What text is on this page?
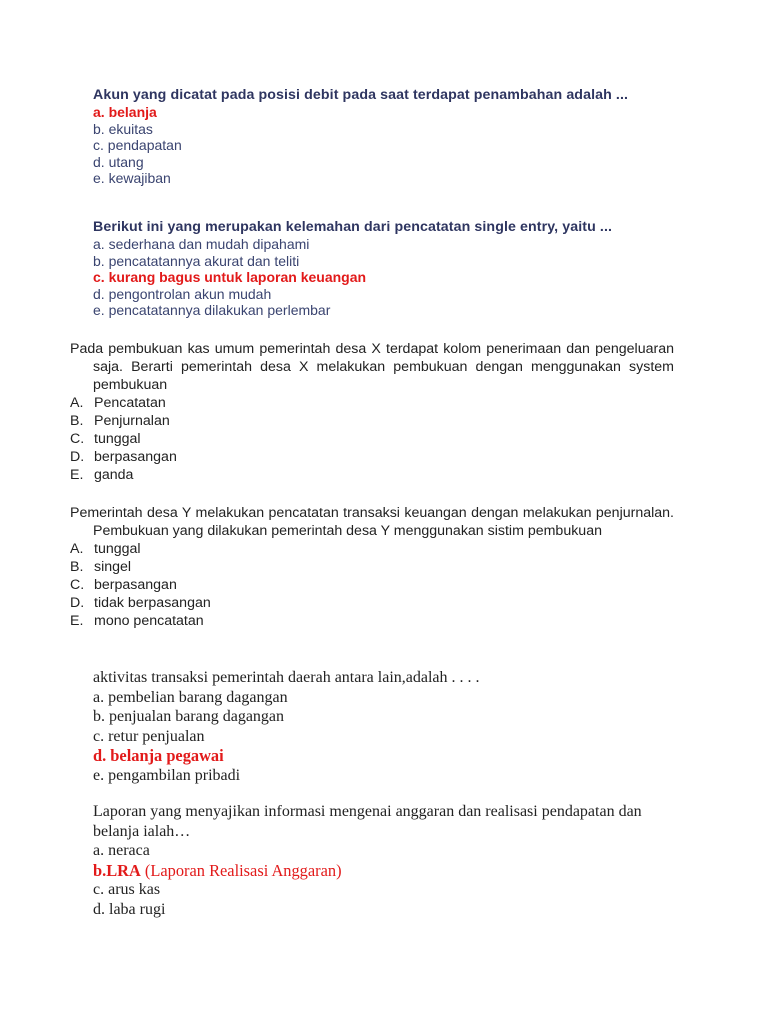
Akun yang dicatat pada posisi debit pada saat terdapat penambahan adalah ...

a. belanja

b. ekuitas

c. pendapatan

d. utang

e. kewajiban

Berikut ini yang merupakan kelemahan dari pencatatan single entry, yaitu ...

a. sederhana dan mudah dipahami

b. pencatatannya akurat dan teliti

c. kurang bagus untuk laporan keuangan

d. pengontrolan akun mudah

e. pencatatannya dilakukan perlembar

Pada pembukuan kas umum pemerintah desa X terdapat kolom penerimaan dan pengeluaran saja. Berarti pemerintah desa X melakukan pembukuan dengan menggunakan system pembukuan

A. Pencatatan

B. Penjurnalan

C. tunggal

D. berpasangan

E. ganda

Pemerintah desa Y melakukan pencatatan transaksi keuangan dengan melakukan penjurnalan. Pembukuan yang dilakukan pemerintah desa Y menggunakan sistim pembukuan

A. tunggal

B. singel

C. berpasangan

D. tidak berpasangan

E. mono pencatatan

aktivitas transaksi pemerintah daerah antara lain,adalah . . . .

a. pembelian barang dagangan

b. penjualan barang dagangan

c. retur penjualan

d. belanja pegawai

e. pengambilan pribadi

Laporan yang menyajikan informasi mengenai anggaran dan realisasi pendapatan dan belanja ialah…

a. neraca

b.LRA (Laporan Realisasi Anggaran)

c. arus kas

d. laba rugi
